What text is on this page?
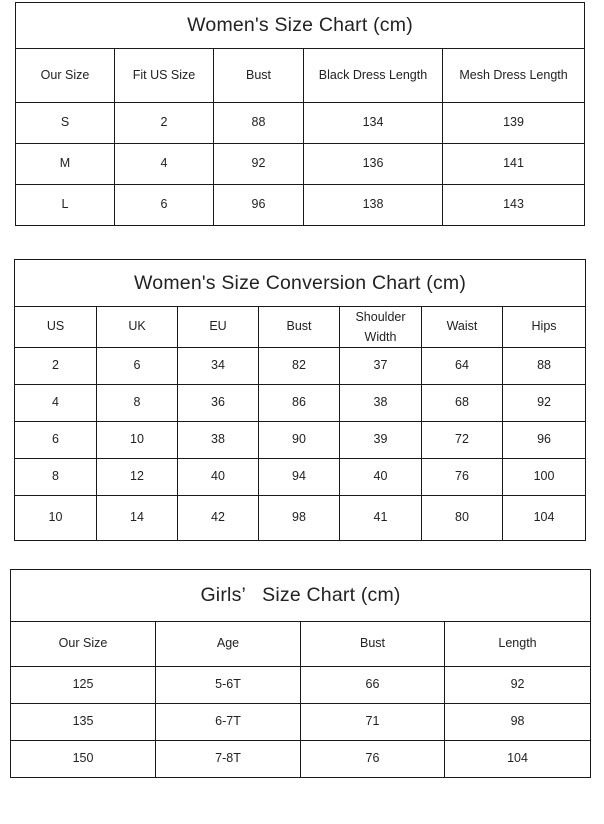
Women's Size Chart (cm)				
Our Size	Fit US Size	Bust	Black Dress Length	Mesh Dress Length
S	2	88	134	139
M	4	92	136	141
L	6	96	138	143
Women's Size Conversion Chart (cm)						
US	UK	EU	Bust	Shoulder Width	Waist	Hips
2	6	34	82	37	64	88
4	8	36	86	38	68	92
6	10	38	90	39	72	96
8	12	40	94	40	76	100
10	14	42	98	41	80	104
Girls’   Size Chart (cm)			
Our Size	Age	Bust	Length
125	5-6T	66	92
135	6-7T	71	98
150	7-8T	76	104
